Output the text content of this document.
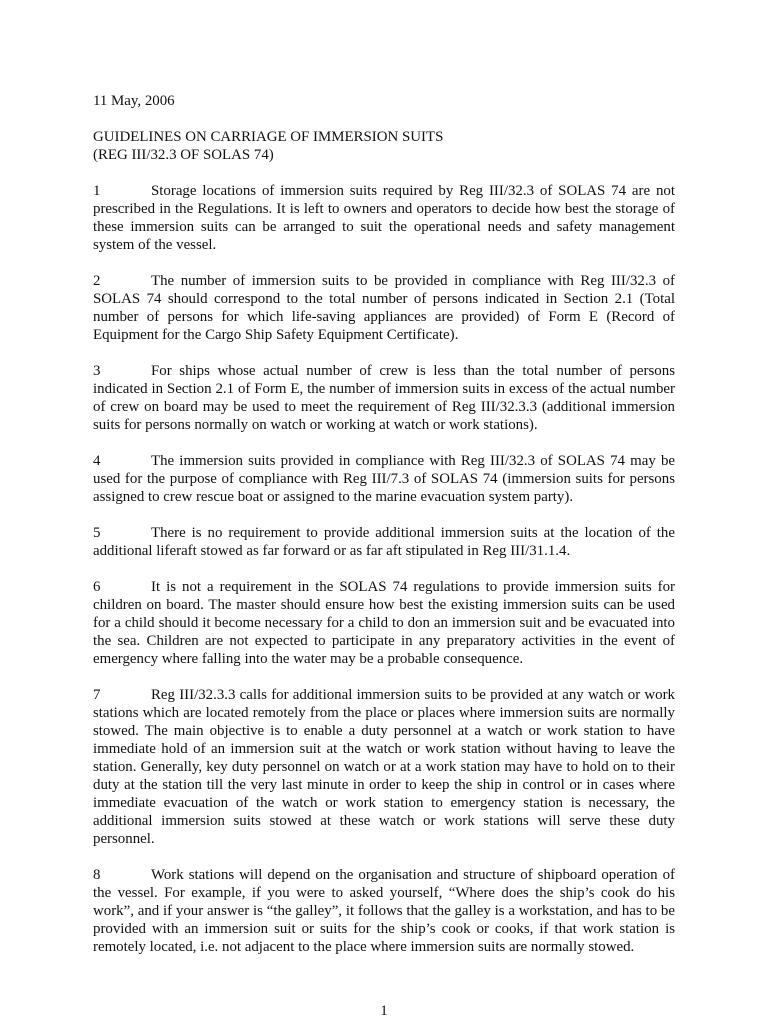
11 May, 2006

GUIDELINES ON CARRIAGE OF IMMERSION SUITS
(REG III/32.3 OF SOLAS 74)

1	Storage locations of immersion suits required by Reg III/32.3 of SOLAS 74 are not prescribed in the Regulations. It is left to owners and operators to decide how best the storage of these immersion suits can be arranged to suit the operational needs and safety management system of the vessel.

2	The number of immersion suits to be provided in compliance with Reg III/32.3 of SOLAS 74 should correspond to the total number of persons indicated in Section 2.1 (Total number of persons for which life-saving appliances are provided) of Form E (Record of Equipment for the Cargo Ship Safety Equipment Certificate).

3	For ships whose actual number of crew is less than the total number of persons indicated in Section 2.1 of Form E, the number of immersion suits in excess of the actual number of crew on board may be used to meet the requirement of Reg III/32.3.3 (additional immersion suits for persons normally on watch or working at watch or work stations).

4	The immersion suits provided in compliance with Reg III/32.3 of SOLAS 74 may be used for the purpose of compliance with Reg III/7.3 of SOLAS 74 (immersion suits for persons assigned to crew rescue boat or assigned to the marine evacuation system party).

5	There is no requirement to provide additional immersion suits at the location of the additional liferaft stowed as far forward or as far aft stipulated in Reg III/31.1.4.

6	It is not a requirement in the SOLAS 74 regulations to provide immersion suits for children on board. The master should ensure how best the existing immersion suits can be used for a child should it become necessary for a child to don an immersion suit and be evacuated into the sea. Children are not expected to participate in any preparatory activities in the event of emergency where falling into the water may be a probable consequence.

7	Reg III/32.3.3 calls for additional immersion suits to be provided at any watch or work stations which are located remotely from the place or places where immersion suits are normally stowed. The main objective is to enable a duty personnel at a watch or work station to have immediate hold of an immersion suit at the watch or work station without having to leave the station. Generally, key duty personnel on watch or at a work station may have to hold on to their duty at the station till the very last minute in order to keep the ship in control or in cases where immediate evacuation of the watch or work station to emergency station is necessary, the additional immersion suits stowed at these watch or work stations will serve these duty personnel.

8	Work stations will depend on the organisation and structure of shipboard operation of the vessel. For example, if you were to asked yourself, “Where does the ship’s cook do his work”, and if your answer is “the galley”, it follows that the galley is a workstation, and has to be provided with an immersion suit or suits for the ship’s cook or cooks, if that work station is remotely located, i.e. not adjacent to the place where immersion suits are normally stowed.

1
